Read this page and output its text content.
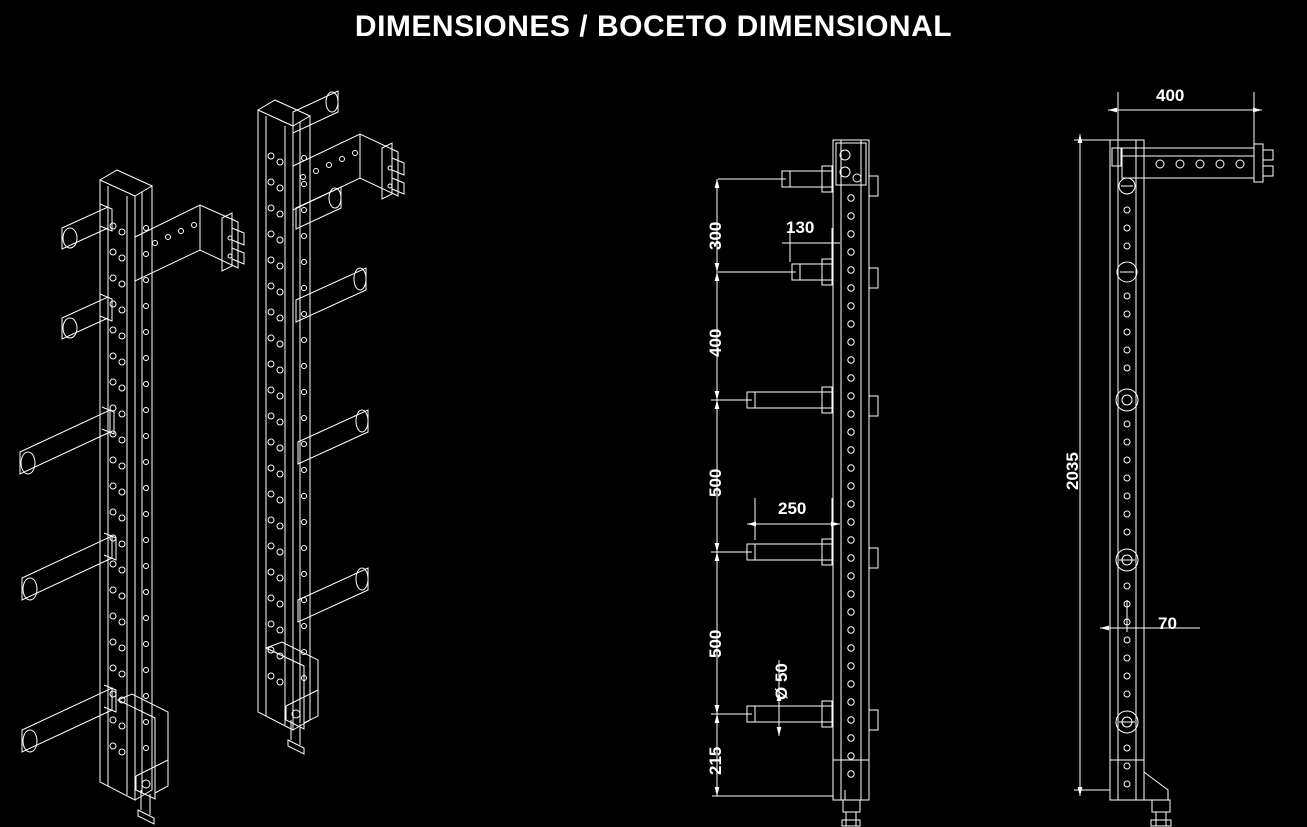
DIMENSIONES / BOCETO DIMENSIONAL
300	130
400
500
250
500
Ø 50
215
400
2035
70
